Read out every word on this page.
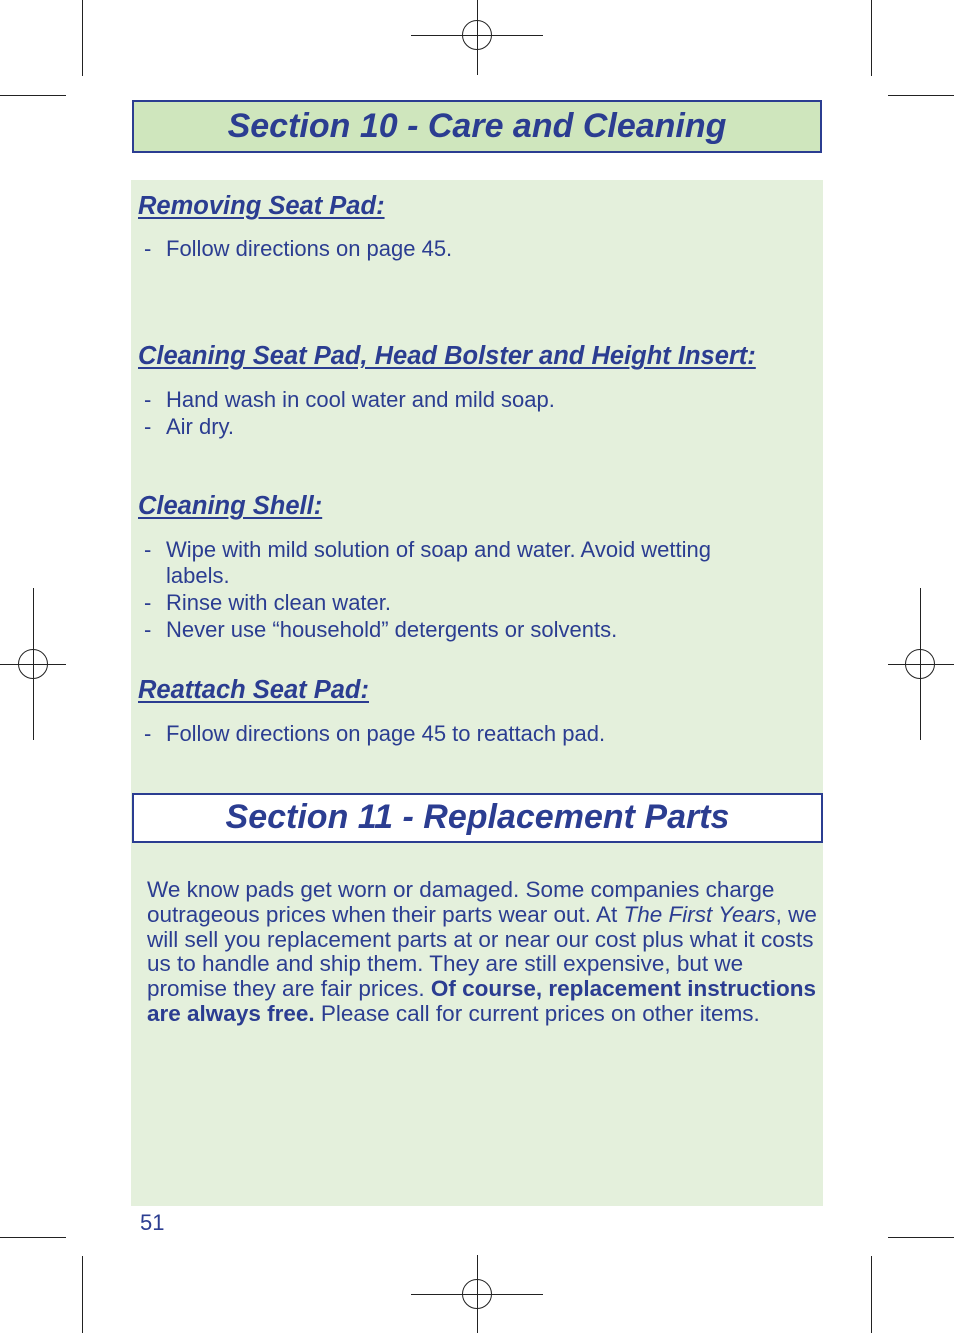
Section 10 - Care and Cleaning
Removing Seat Pad:
- Follow directions on page 45.
Cleaning Seat Pad, Head Bolster and Height Insert:
- Hand wash in cool water and mild soap.
- Air dry.
Cleaning Shell:
- Wipe with mild solution of soap and water. Avoid wetting
labels.
- Rinse with clean water.
- Never use “household” detergents or solvents.
Reattach Seat Pad:
- Follow directions on page 45 to reattach pad.
Section 11 - Replacement Parts
We know pads get worn or damaged. Some companies charge outrageous prices when their parts wear out. At The First Years, we will sell you replacement parts at or near our cost plus what it costs us to handle and ship them. They are still expensive, but we promise they are fair prices. Of course, replacement instructions are always free. Please call for current prices on other items.
51
